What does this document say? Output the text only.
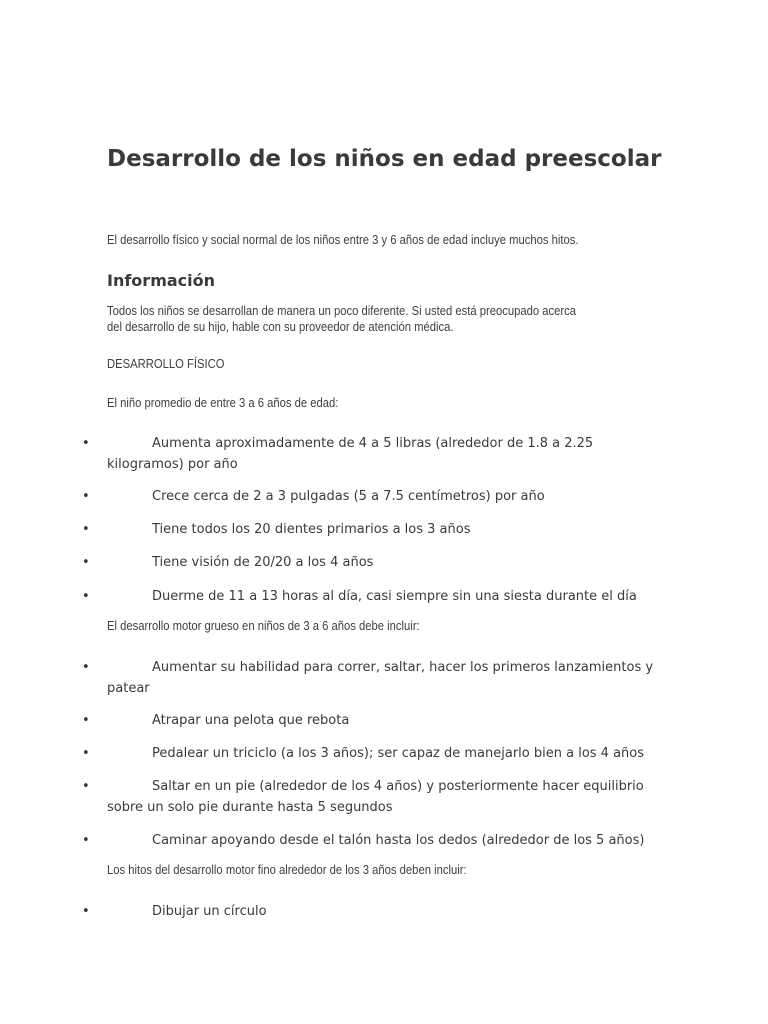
Desarrollo de los niños en edad preescolar

El desarrollo físico y social normal de los niños entre 3 y 6 años de edad incluye muchos hitos.

Información

Todos los niños se desarrollan de manera un poco diferente. Si usted está preocupado acerca

del desarrollo de su hijo, hable con su proveedor de atención médica.

DESARROLLO FÍSICO

El niño promedio de entre 3 a 6 años de edad:

•	Aumenta aproximadamente de 4 a 5 libras (alrededor de 1.8 a 2.25 kilogramos) por año

•	Crece cerca de 2 a 3 pulgadas (5 a 7.5 centímetros) por año

•	Tiene todos los 20 dientes primarios a los 3 años

•	Tiene visión de 20/20 a los 4 años

•	Duerme de 11 a 13 horas al día, casi siempre sin una siesta durante el día

El desarrollo motor grueso en niños de 3 a 6 años debe incluir:

•	Aumentar su habilidad para correr, saltar, hacer los primeros lanzamientos y patear

•	Atrapar una pelota que rebota

•	Pedalear un triciclo (a los 3 años); ser capaz de manejarlo bien a los 4 años

•	Saltar en un pie (alrededor de los 4 años) y posteriormente hacer equilibrio sobre un solo pie durante hasta 5 segundos

•	Caminar apoyando desde el talón hasta los dedos (alrededor de los 5 años)

Los hitos del desarrollo motor fino alrededor de los 3 años deben incluir:

•	Dibujar un círculo
